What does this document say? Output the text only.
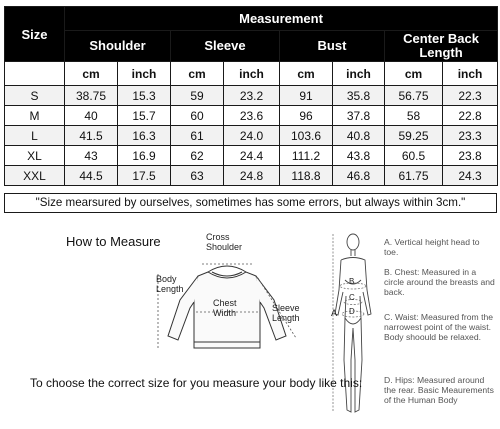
Size	Measurement							
	Shoulder		Sleeve		Bust		Center Back Length	
	cm	inch	cm	inch	cm	inch	cm	inch
S	38.75	15.3	59	23.2	91	35.8	56.75	22.3
M	40	15.7	60	23.6	96	37.8	58	22.8
L	41.5	16.3	61	24.0	103.6	40.8	59.25	23.3
XL	43	16.9	62	24.4	111.2	43.8	60.5	23.8
XXL	44.5	17.5	63	24.8	118.8	46.8	61.75	24.3
"Size mearsured by ourselves, sometimes has some errors, but always within 3cm."
How to Measure	Cross
Shoulder
Body
Length
Chest
Width	Sleeve
Length
B
C
D
A
A. Vertical height head to toe.
B. Chest: Measured in a circle around the breasts and back.
C. Waist: Measured from the narrowest point of the waist. Body shoould be relaxed.
D. Hips: Measured around the rear. Basic Meaurements of the Human Body
To choose the correct size for you measure your body like this:
